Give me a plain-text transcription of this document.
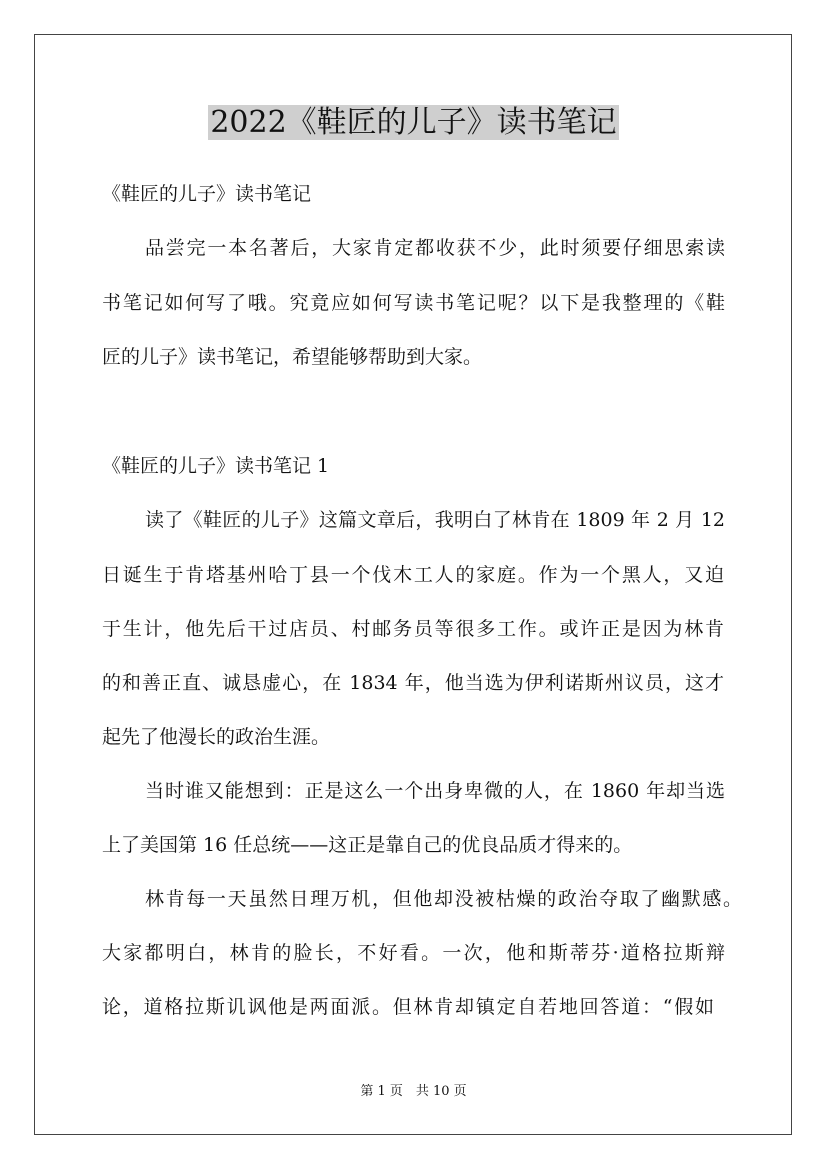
2022《鞋匠的儿子》读书笔记

《鞋匠的儿子》读书笔记

品尝完一本名著后，大家肯定都收获不少，此时须要仔细思索读

书笔记如何写了哦。究竟应如何写读书笔记呢？以下是我整理的《鞋

匠的儿子》读书笔记，希望能够帮助到大家。

《鞋匠的儿子》读书笔记 1

读了《鞋匠的儿子》这篇文章后，我明白了林肯在 1809 年 2 月 12

日诞生于肯塔基州哈丁县一个伐木工人的家庭。作为一个黑人，又迫

于生计，他先后干过店员、村邮务员等很多工作。或许正是因为林肯

的和善正直、诚恳虚心，在 1834 年，他当选为伊利诺斯州议员，这才

起先了他漫长的政治生涯。

当时谁又能想到：正是这么一个出身卑微的人，在 1860 年却当选

上了美国第 16 任总统——这正是靠自己的优良品质才得来的。

林肯每一天虽然日理万机，但他却没被枯燥的政治夺取了幽默感。

大家都明白，林肯的脸长，不好看。一次，他和斯蒂芬·道格拉斯辩

论，道格拉斯讥讽他是两面派。但林肯却镇定自若地回答道：“假如

第 1 页　共 10 页
